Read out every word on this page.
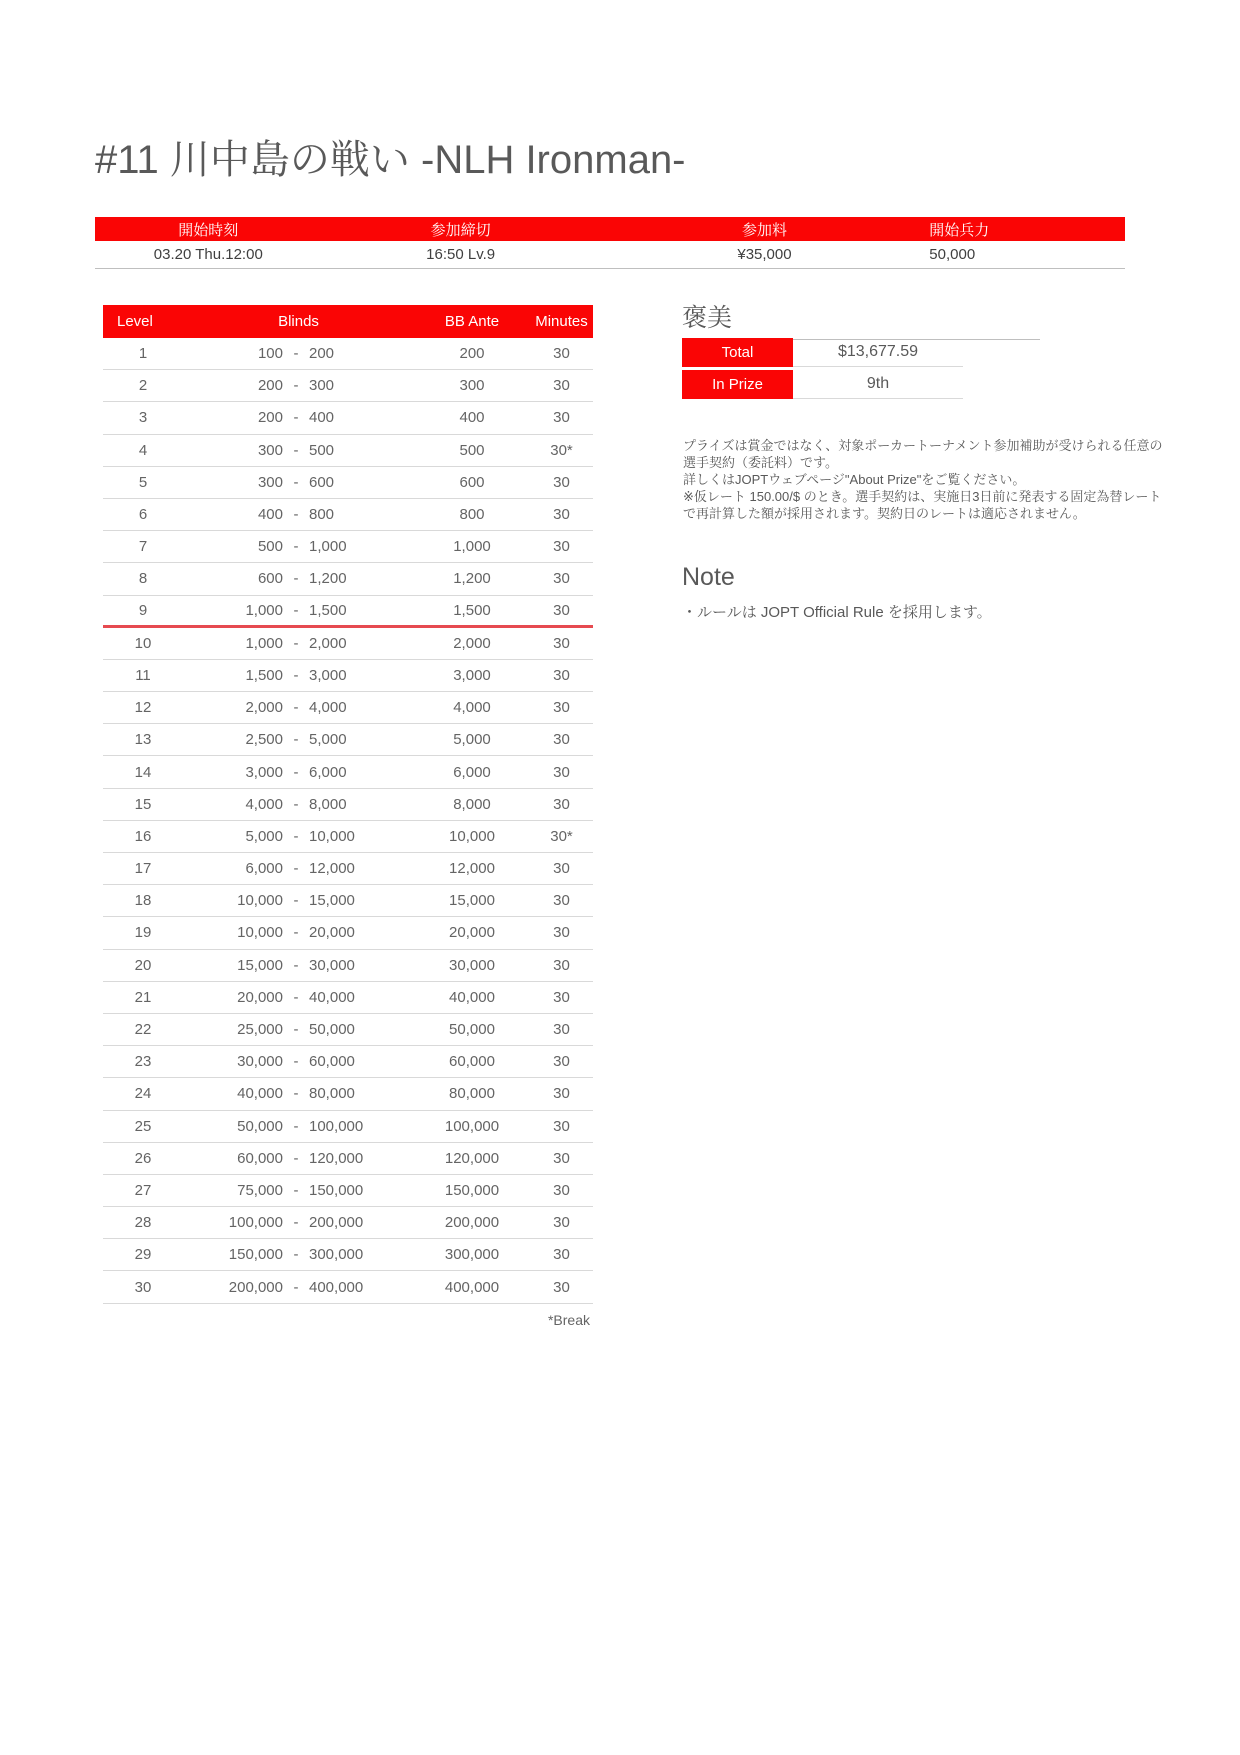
#11 川中島の戦い -NLH Ironman-
開始時刻	参加締切	参加料	開始兵力
03.20 Thu.12:00	16:50 Lv.9	¥35,000	50,000
Level	Blinds	BB Ante	Minutes
1	100 - 200	200	30
2	200 - 300	300	30
3	200 - 400	400	30
4	300 - 500	500	30*
5	300 - 600	600	30
6	400 - 800	800	30
7	500 - 1,000	1,000	30
8	600 - 1,200	1,200	30
9	1,000 - 1,500	1,500	30
10	1,000 - 2,000	2,000	30
11	1,500 - 3,000	3,000	30
12	2,000 - 4,000	4,000	30
13	2,500 - 5,000	5,000	30
14	3,000 - 6,000	6,000	30
15	4,000 - 8,000	8,000	30
16	5,000 - 10,000	10,000	30*
17	6,000 - 12,000	12,000	30
18	10,000 - 15,000	15,000	30
19	10,000 - 20,000	20,000	30
20	15,000 - 30,000	30,000	30
21	20,000 - 40,000	40,000	30
22	25,000 - 50,000	50,000	30
23	30,000 - 60,000	60,000	30
24	40,000 - 80,000	80,000	30
25	50,000 - 100,000	100,000	30
26	60,000 - 120,000	120,000	30
27	75,000 - 150,000	150,000	30
28	100,000 - 200,000	200,000	30
29	150,000 - 300,000	300,000	30
30	200,000 - 400,000	400,000	30
*Break
褒美
Total	$13,677.59
In Prize	9th

プライズは賞金ではなく、対象ポーカートーナメント参加補助が受けられる任意の選手契約（委託料）です。

詳しくはJOPTウェブページ"About Prize"をご覧ください。

※仮レート 150.00/$ のとき。選手契約は、実施日3日前に発表する固定為替レートで再計算した額が採用されます。契約日のレートは適応されません。

Note
・ルールは JOPT Official Rule を採用します。
